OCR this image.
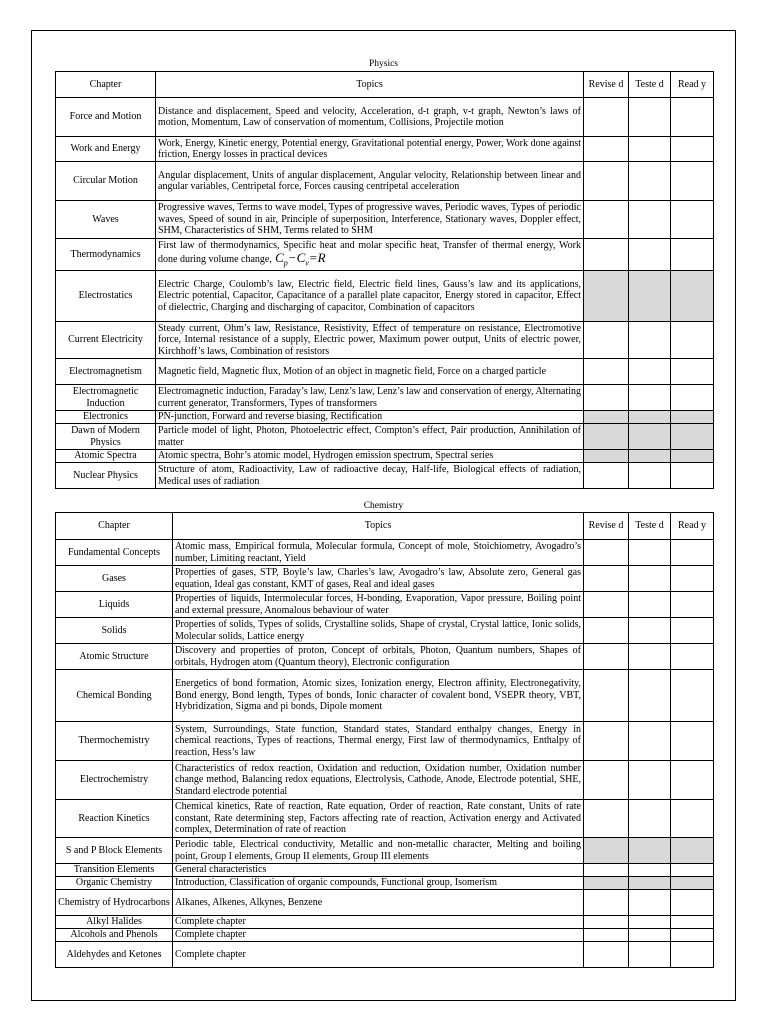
Physics
Chapter	Topics	Revise d	Teste d	Read y
Force and Motion	Distance and displacement, Speed and velocity, Acceleration, d-t graph, v-t graph, Newton’s laws of motion, Momentum, Law of conservation of momentum, Collisions, Projectile motion			
Work and Energy	Work, Energy, Kinetic energy, Potential energy, Gravitational potential energy, Power, Work done against friction, Energy losses in practical devices			
Circular Motion	Angular displacement, Units of angular displacement, Angular velocity, Relationship between linear and angular variables, Centripetal force, Forces causing centripetal acceleration			
Waves	Progressive waves, Terms to wave model, Types of progressive waves, Periodic waves, Types of periodic waves, Speed of sound in air, Principle of superposition, Interference, Stationary waves, Doppler effect, SHM, Characteristics of SHM, Terms related to SHM			
Thermodynamics	First law of thermodynamics, Specific heat and molar specific heat, Transfer of thermal energy, Work done during volume change, $C_p-C_v=R$			
Electrostatics	Electric Charge, Coulomb’s law, Electric field, Electric field lines, Gauss’s law and its applications, Electric potential, Capacitor, Capacitance of a parallel plate capacitor, Energy stored in capacitor, Effect of dielectric, Charging and discharging of capacitor, Combination of capacitors			
Current Electricity	Steady current, Ohm’s law, Resistance, Resistivity, Effect of temperature on resistance, Electromotive force, Internal resistance of a supply, Electric power, Maximum power output, Units of electric power, Kirchhoff’s laws, Combination of resistors			
Electromagnetism	Magnetic field, Magnetic flux, Motion of an object in magnetic field, Force on a charged particle			
Electromagnetic Induction	Electromagnetic induction, Faraday’s law, Lenz’s law, Lenz’s law and conservation of energy, Alternating current generator, Transformers, Types of transformers			
Electronics	PN-junction, Forward and reverse biasing, Rectification			
Dawn of Modern Physics	Particle model of light, Photon, Photoelectric effect, Compton’s effect, Pair production, Annihilation of matter			
Atomic Spectra	Atomic spectra, Bohr’s atomic model, Hydrogen emission spectrum, Spectral series			
Nuclear Physics	Structure of atom, Radioactivity, Law of radioactive decay, Half-life, Biological effects of radiation, Medical uses of radiation			
Chemistry
Chapter	Topics	Revise d	Teste d	Read y
Fundamental Concepts	Atomic mass, Empirical formula, Molecular formula, Concept of mole, Stoichiometry, Avogadro’s number, Limiting reactant, Yield			
Gases	Properties of gases, STP, Boyle’s law, Charles’s law, Avogadro’s law, Absolute zero, General gas equation, Ideal gas constant, KMT of gases, Real and ideal gases			
Liquids	Properties of liquids, Intermolecular forces, H-bonding, Evaporation, Vapor pressure, Boiling point and external pressure, Anomalous behaviour of water			
Solids	Properties of solids, Types of solids, Crystalline solids, Shape of crystal, Crystal lattice, Ionic solids, Molecular solids, Lattice energy			
Atomic Structure	Discovery and properties of proton, Concept of orbitals, Photon, Quantum numbers, Shapes of orbitals, Hydrogen atom (Quantum theory), Electronic configuration			
Chemical Bonding	Energetics of bond formation, Atomic sizes, Ionization energy, Electron affinity, Electronegativity, Bond energy, Bond length, Types of bonds, Ionic character of covalent bond, VSEPR theory, VBT, Hybridization, Sigma and pi bonds, Dipole moment			
Thermochemistry	System, Surroundings, State function, Standard states, Standard enthalpy changes, Energy in chemical reactions, Types of reactions, Thermal energy, First law of thermodynamics, Enthalpy of reaction, Hess’s law			
Electrochemistry	Characteristics of redox reaction, Oxidation and reduction, Oxidation number, Oxidation number change method, Balancing redox equations, Electrolysis, Cathode, Anode, Electrode potential, SHE, Standard electrode potential			
Reaction Kinetics	Chemical kinetics, Rate of reaction, Rate equation, Order of reaction, Rate constant, Units of rate constant, Rate determining step, Factors affecting rate of reaction, Activation energy and Activated complex, Determination of rate of reaction			
S and P Block Elements	Periodic table, Electrical conductivity, Metallic and non-metallic character, Melting and boiling point, Group I elements, Group II elements, Group III elements			
Transition Elements	General characteristics			
Organic Chemistry	Introduction, Classification of organic compounds, Functional group, Isomerism			
Chemistry of Hydrocarbons	Alkanes, Alkenes, Alkynes, Benzene			
Alkyl Halides	Complete chapter			
Alcohols and Phenols	Complete chapter			
Aldehydes and Ketones	Complete chapter			
